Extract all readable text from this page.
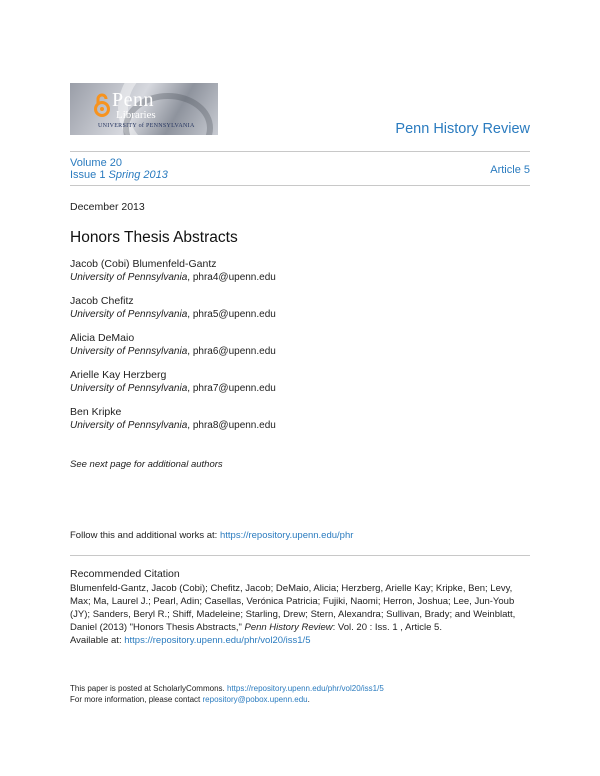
Penn
Libraries
UNIVERSITY of PENNSYLVANIA	Penn History Review
Volume 20
Issue 1 Spring 2013	Article 5
December 2013
Honors Thesis Abstracts
Jacob (Cobi) Blumenfeld-Gantz
University of Pennsylvania, phra4@upenn.edu
Jacob Chefitz
University of Pennsylvania, phra5@upenn.edu
Alicia DeMaio
University of Pennsylvania, phra6@upenn.edu
Arielle Kay Herzberg
University of Pennsylvania, phra7@upenn.edu
Ben Kripke
University of Pennsylvania, phra8@upenn.edu
See next page for additional authors
Follow this and additional works at: https://repository.upenn.edu/phr
Recommended Citation
Blumenfeld-Gantz, Jacob (Cobi); Chefitz, Jacob; DeMaio, Alicia; Herzberg, Arielle Kay; Kripke, Ben; Levy, Max; Ma, Laurel J.; Pearl, Adin; Casellas, Verónica Patricia; Fujiki, Naomi; Herron, Joshua; Lee, Jun-Youb (JY); Sanders, Beryl R.; Shiff, Madeleine; Starling, Drew; Stern, Alexandra; Sullivan, Brady; and Weinblatt, Daniel (2013) "Honors Thesis Abstracts," Penn History Review: Vol. 20 : Iss. 1 , Article 5.
Available at: https://repository.upenn.edu/phr/vol20/iss1/5
This paper is posted at ScholarlyCommons. https://repository.upenn.edu/phr/vol20/iss1/5
For more information, please contact repository@pobox.upenn.edu.
